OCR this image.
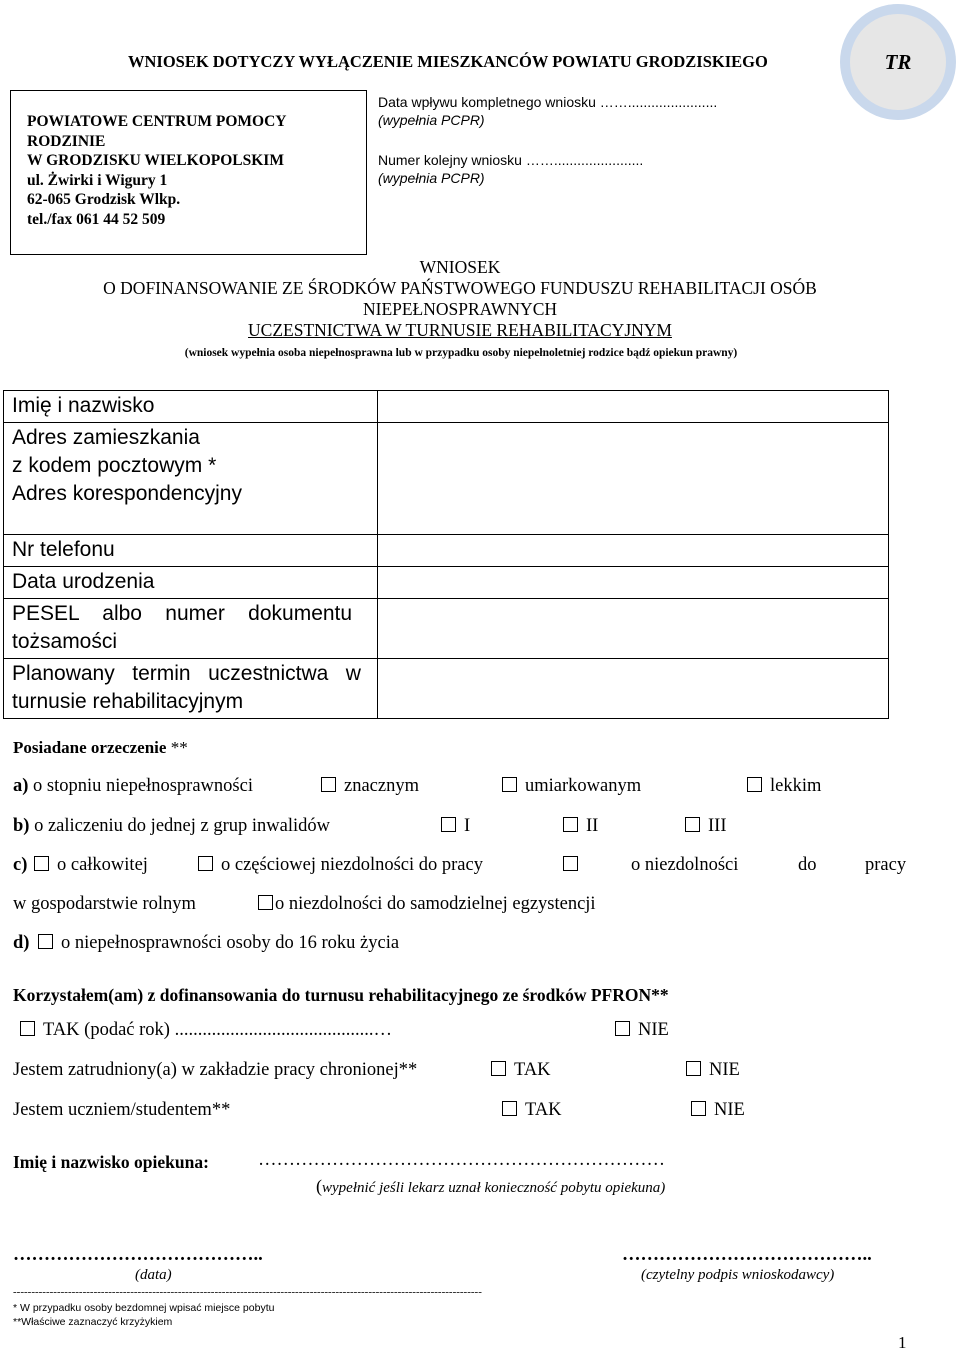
WNIOSEK DOTYCZY WYŁĄCZENIE MIESZKANCÓW POWIATU GRODZISKIEGO	TR
POWIATOWE CENTRUM POMOCY
RODZINIE
W GRODZISKU WIELKOPOLSKIM
ul. Żwirki i Wigury 1
62-065 Grodzisk Wlkp.
tel./fax 061 44 52 509
Data wpływu kompletnego wniosku …….......................
(wypełnia PCPR)
Numer kolejny wniosku …….......................
(wypełnia PCPR)
WNIOSEK
O DOFINANSOWANIE ZE ŚRODKÓW PAŃSTWOWEGO FUNDUSZU REHABILITACJI OSÓB
NIEPEŁNOSPRAWNYCH
UCZESTNICTWA W TURNUSIE REHABILITACYJNYM
(wniosek wypełnia osoba niepełnosprawna lub w przypadku osoby niepełnoletniej rodzice bądź opiekun prawny)
Imię i nazwisko	

Adres zamieszkania
z kodem pocztowym *
Adres korespondencyjny	

Nr telefonu	
Data urodzenia	

PESEL    albo    numer    dokumentu
tożsamości	

Planowany   termin   uczestnictwa   w
turnusie rehabilitacyjnym	

Posiadane orzeczenie **
a) o stopniu niepełnosprawności	znacznym	umiarkowanym	lekkim
b) o zaliczeniu do jednej z grup inwalidów	I	II	III
c)	o całkowitej	o częściowej niezdolności do pracy	o niezdolności	do	pracy
w gospodarstwie rolnym	o niezdolności do samodzielnej egzystencji
d)	o niepełnosprawności osoby do 16 roku życia
Korzystałem(am) z dofinansowania do turnusu rehabilitacyjnego ze środków PFRON**
TAK (podać rok) ...........................................…	NIE
Jestem zatrudniony(a) w zakładzie pracy chronionej**	TAK	NIE
Jestem uczniem/studentem**	TAK	NIE
Imię i nazwisko opiekuna:	…………………………………………………………
(wypełnić jeśli lekarz uznał konieczność pobytu opiekuna)
…………………………………..
(data)
…………………………………..
(czytelny podpis wnioskodawcy)
--------------------------------------------------------------------------------------------------------------------------------
* W przypadku osoby bezdomnej wpisać miejsce pobytu
**Właściwe zaznaczyć krzyżykiem
1
